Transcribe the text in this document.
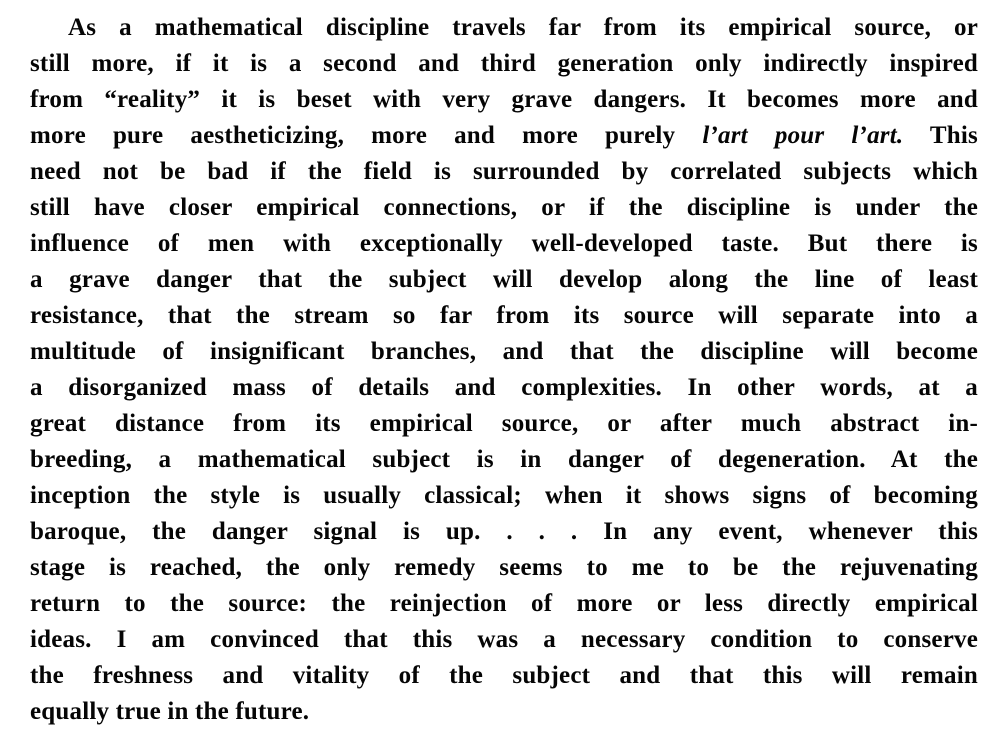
As a mathematical discipline travels far from its empirical source, or
still more, if it is a second and third generation only indirectly inspired
from “reality” it is beset with very grave dangers. It becomes more and
more pure aestheticizing, more and more purely l’art pour l’art. This
need not be bad if the field is surrounded by correlated subjects which
still have closer empirical connections, or if the discipline is under the
influence of men with exceptionally well-developed taste. But there is
a grave danger that the subject will develop along the line of least
resistance, that the stream so far from its source will separate into a
multitude of insignificant branches, and that the discipline will become
a disorganized mass of details and complexities. In other words, at a
great distance from its empirical source, or after much abstract in-
breeding, a mathematical subject is in danger of degeneration. At the
inception the style is usually classical; when it shows signs of becoming
baroque, the danger signal is up. . . . In any event, whenever this
stage is reached, the only remedy seems to me to be the rejuvenating
return to the source: the reinjection of more or less directly empirical
ideas. I am convinced that this was a necessary condition to conserve
the freshness and vitality of the subject and that this will remain
equally true in the future.
